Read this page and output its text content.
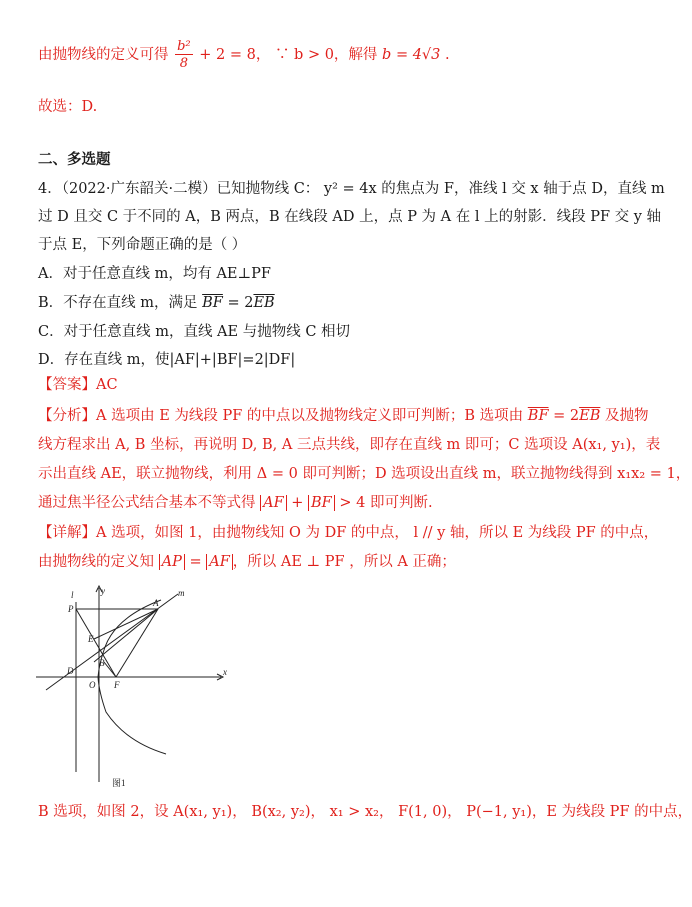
由抛物线的定义可得 $\frac{\text{b²}}{8} + 2 = 8$， ∵ b > 0，解得 b = 4√3 .
故选：D.
二、多选题
4．（2022·广东韶关·二模）已知抛物线 C： y² = 4x 的焦点为 F，准线 l 交 x 轴于点 D，直线 m
过 D 且交 C 于不同的 A，B 两点，B 在线段 AD 上，点 P 为 A 在 l 上的射影．线段 PF 交 y 轴
于点 E，下列命题正确的是（ ）
A．对于任意直线 m，均有 AE⊥PF
B．不存在直线 m，满足 $\overline{BF} = 2\overline{EB}$
C．对于任意直线 m，直线 AE 与抛物线 C 相切
D．存在直线 m，使|AF|+|BF|=2|DF|
【答案】AC
【分析】A 选项由 E 为线段 PF 的中点以及抛物线定义即可判断；B 选项由 $\overline{BF} = 2\overline{EB}$ 及抛物
线方程求出 A, B 坐标，再说明 D, B, A 三点共线，即存在直线 m 即可；C 选项设 A(x₁, y₁)，表
示出直线 AE，联立抛物线，利用 Δ = 0 即可判断；D 选项设出直线 m，联立抛物线得到 x₁x₂ = 1，
通过焦半径公式结合基本不等式得 AF + BF > 4 即可判断.
【详解】A 选项，如图 1，由抛物线知 O 为 DF 的中点， l // y 轴，所以 E 为线段 PF 的中点，
由抛物线的定义知 AP = AF ，所以 AE ⊥ PF ，所以 A 正确；
y
x
l	m
P
A
E
B
D
O F
图1
B 选项，如图 2，设 A(x₁, y₁)， B(x₂, y₂)， x₁ > x₂， F(1, 0)， P(−1, y₁)，E 为线段 PF 的中点，
